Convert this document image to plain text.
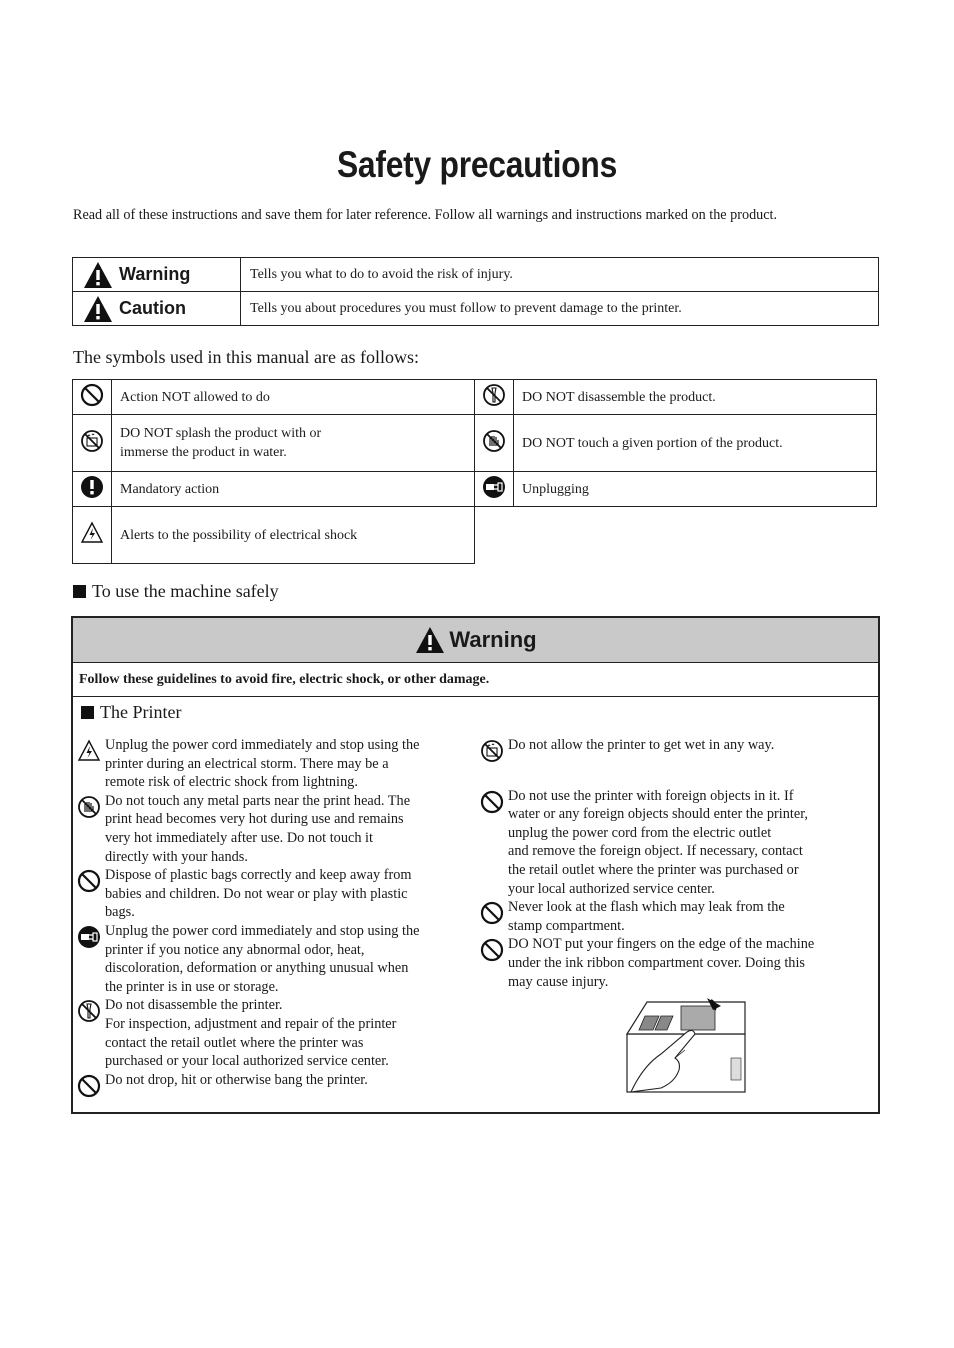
Safety precautions

Read all of these instructions and save them for later reference. Follow all warnings and instructions marked on the product.

Warning	Tells you what to do to avoid the risk of injury.

Caution	Tells you about procedures you must follow to prevent damage to the printer.

The symbols used in this manual are as follows:

	Action NOT allowed to do		DO NOT disassemble the product.

DO NOT splash the product with or
immerse the product in water.		DO NOT touch a given portion of the product.
	Mandatory action		Unplugging
	Alerts to the possibility of electrical shock		

To use the machine safely

Warning
Follow these guidelines to avoid fire, electric shock, or other damage.

The Printer

Unplug the power cord immediately and stop using the

printer during an electrical storm. There may be a

remote risk of electric shock from lightning.

Do not touch any metal parts near the print head. The

print head becomes very hot during use and remains

very hot immediately after use. Do not touch it

directly with your hands.

Dispose of plastic bags correctly and keep away from

babies and children. Do not wear or play with plastic

bags.

Unplug the power cord immediately and stop using the

printer if you notice any abnormal odor, heat,

discoloration, deformation or anything unusual when

the printer is in use or storage.

Do not disassemble the printer.

For inspection, adjustment and repair of the printer

contact the retail outlet where the printer was

purchased or your local authorized service center.

Do not drop, hit or otherwise bang the printer.

Do not allow the printer to get wet in any way.

Do not use the printer with foreign objects in it. If

water or any foreign objects should enter the printer,

unplug the power cord from the electric outlet

and remove the foreign object. If necessary, contact

the retail outlet where the printer was purchased or

your local authorized service center.

Never look at the flash which may leak from the

stamp compartment.

DO NOT put your fingers on the edge of the machine

under the ink ribbon compartment cover. Doing this

may cause injury.
